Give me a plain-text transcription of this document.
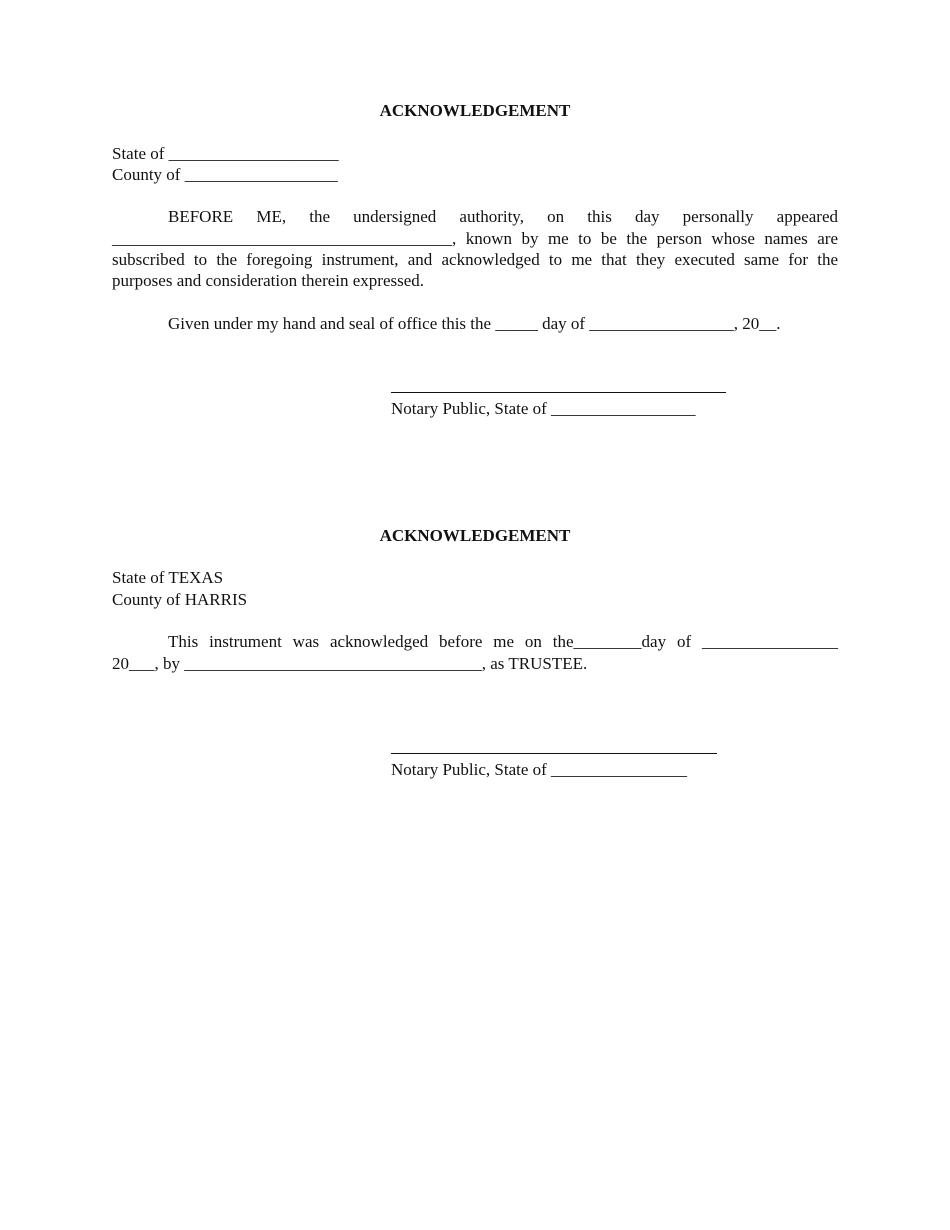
ACKNOWLEDGEMENT
State of ____________________
County of __________________
BEFORE ME, the undersigned authority, on this day personally appeared
________________________________________, known by me to be the person whose names are
subscribed to the foregoing instrument, and acknowledged to me that they executed same for the
purposes and consideration therein expressed.
Given under my hand and seal of office this the _____ day of _________________, 20__.
Notary Public, State of _________________
ACKNOWLEDGEMENT
State of TEXAS
County of HARRIS
This instrument was acknowledged before me on the________day of ________________
20___, by ___________________________________, as TRUSTEE.
Notary Public, State of ________________
